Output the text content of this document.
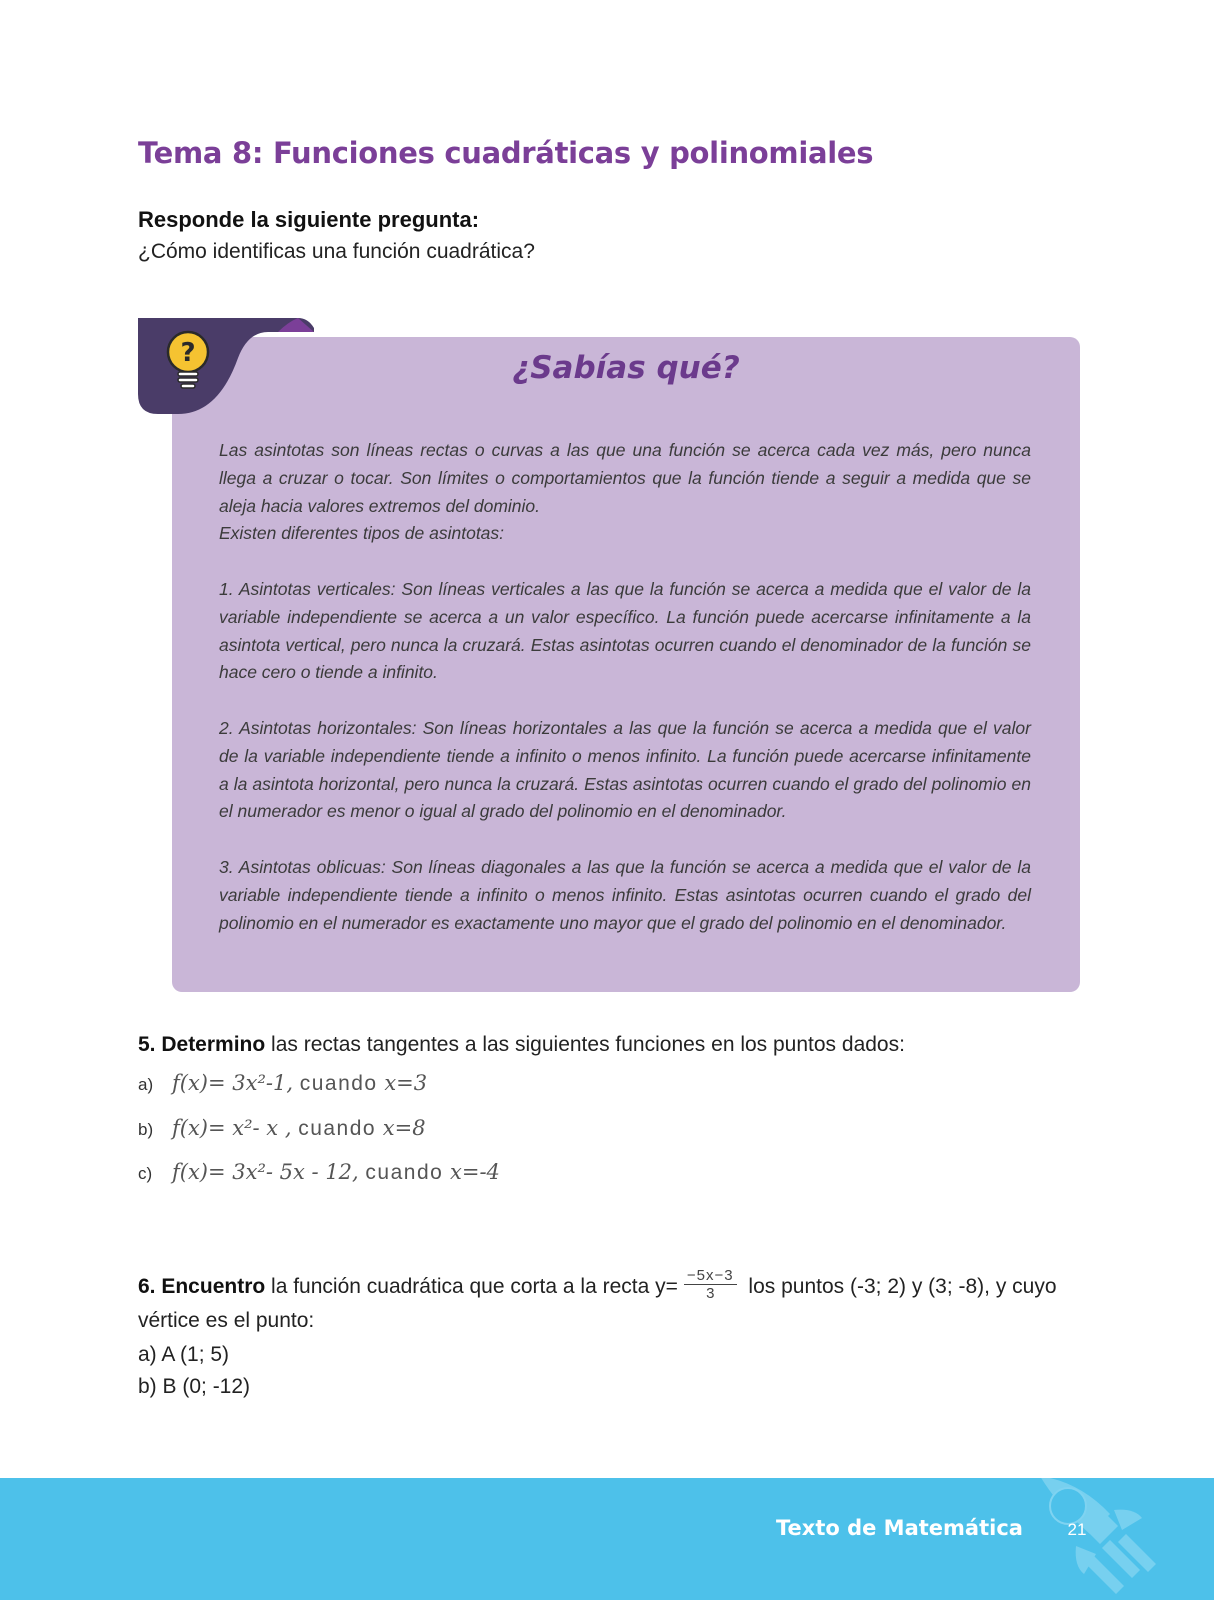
Tema 8: Funciones cuadráticas y polinomiales
Responde la siguiente pregunta:
¿Cómo identificas una función cuadrática?
?	¿Sabías qué?

Las asintotas son líneas rectas o curvas a las que una función se acerca cada vez más, pero nunca llega a cruzar o tocar. Son límites o comportamientos que la función tiende a seguir a medida que se aleja hacia valores extremos del dominio.

Existen diferentes tipos de asintotas:

1. Asintotas verticales: Son líneas verticales a las que la función se acerca a medida que el valor de la variable independiente se acerca a un valor específico. La función puede acercarse infinitamente a la asintota vertical, pero nunca la cruzará. Estas asintotas ocurren cuando el denominador de la función se hace cero o tiende a infinito.

2. Asintotas horizontales: Son líneas horizontales a las que la función se acerca a medida que el valor de la variable independiente tiende a infinito o menos infinito. La función puede acercarse infinitamente a la asintota horizontal, pero nunca la cruzará. Estas asintotas ocurren cuando el grado del polinomio en el numerador es menor o igual al grado del polinomio en el denominador.

3. Asintotas oblicuas: Son líneas diagonales a las que la función se acerca a medida que el valor de la variable independiente tiende a infinito o menos infinito. Estas asintotas ocurren cuando el grado del polinomio en el numerador es exactamente uno mayor que el grado del polinomio en el denominador.

5. Determino las rectas tangentes a las siguientes funciones en los puntos dados:
a) f(x)= 3x²-1, cuando x=3
b) f(x)= x²- x , cuando x=8
c) f(x)= 3x²- 5x - 12, cuando x=-4
6. Encuentro la función cuadrática que corta a la recta $y= \frac{-5x-3}{3}$ los puntos (-3; 2) y (3; -8), y cuyo vértice es el punto:
a) A (1; 5)
b) B (0; -12)
Texto de Matemática	21
